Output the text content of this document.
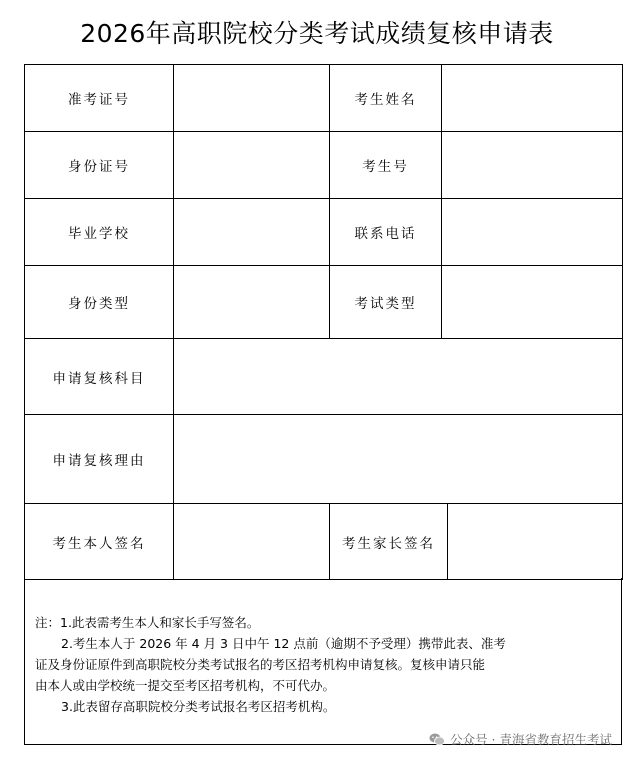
2026年高职院校分类考试成绩复核申请表
准考证号		考生姓名		
身份证号		考生号		
毕业学校		联系电话		
身份类型		考试类型		
申请复核科目				
申请复核理由				
考生本人签名		考生家长签名		
注：1.此表需考生本人和家长手写签名。
2.考生本人于 2026 年 4 月 3 日中午 12 点前（逾期不予受理）携带此表、准考
证及身份证原件到高职院校分类考试报名的考区招考机构申请复核。复核申请只能
由本人或由学校统一提交至考区招考机构，不可代办。
3.此表留存高职院校分类考试报名考区招考机构。
公众号 · 青海省教育招生考试
